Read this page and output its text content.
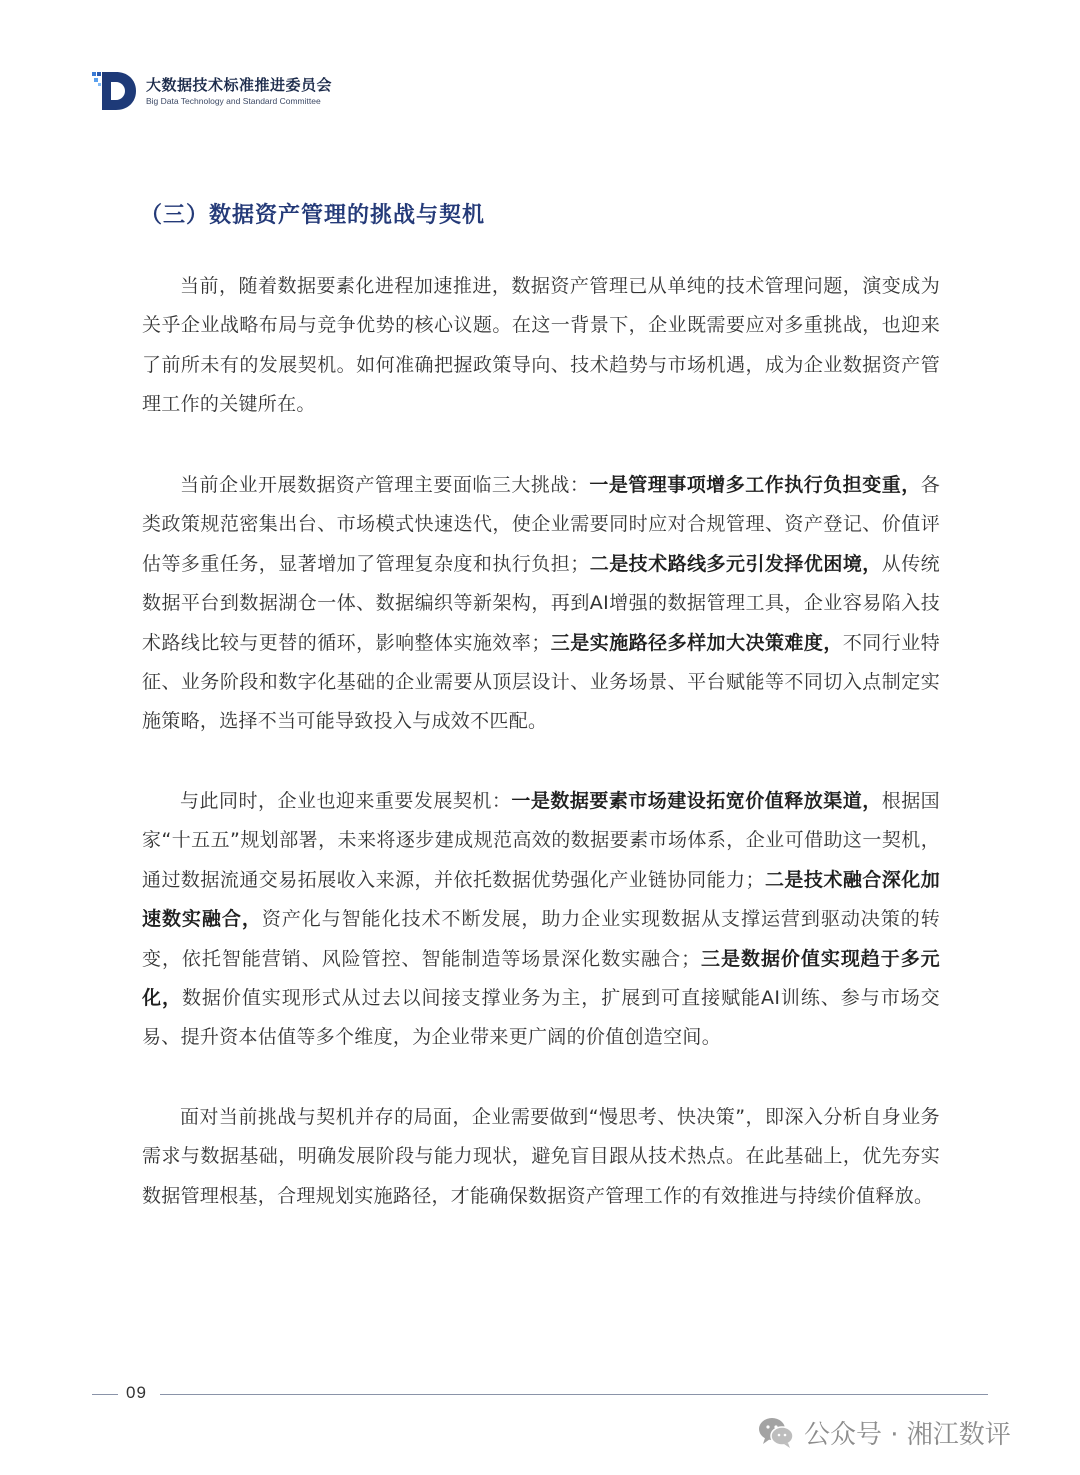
大数据技术标准推进委员会
Big Data Technology and Standard Committee
（三）数据资产管理的挑战与契机
当前，随着数据要素化进程加速推进，数据资产管理已从单纯的技术管理问题，演变成为关乎企业战略布局与竞争优势的核心议题。在这一背景下，企业既需要应对多重挑战，也迎来了前所未有的发展契机。如何准确把握政策导向、技术趋势与市场机遇，成为企业数据资产管理工作的关键所在。
当前企业开展数据资产管理主要面临三大挑战：一是管理事项增多工作执行负担变重，各类政策规范密集出台、市场模式快速迭代，使企业需要同时应对合规管理、资产登记、价值评估等多重任务，显著增加了管理复杂度和执行负担；二是技术路线多元引发择优困境，从传统数据平台到数据湖仓一体、数据编织等新架构，再到AI增强的数据管理工具，企业容易陷入技术路线比较与更替的循环，影响整体实施效率；三是实施路径多样加大决策难度，不同行业特征、业务阶段和数字化基础的企业需要从顶层设计、业务场景、平台赋能等不同切入点制定实施策略，选择不当可能导致投入与成效不匹配。
与此同时，企业也迎来重要发展契机：一是数据要素市场建设拓宽价值释放渠道，根据国家“十五五”规划部署，未来将逐步建成规范高效的数据要素市场体系，企业可借助这一契机，通过数据流通交易拓展收入来源，并依托数据优势强化产业链协同能力；二是技术融合深化加速数实融合，资产化与智能化技术不断发展，助力企业实现数据从支撑运营到驱动决策的转变，依托智能营销、风险管控、智能制造等场景深化数实融合；三是数据价值实现趋于多元化，数据价值实现形式从过去以间接支撑业务为主，扩展到可直接赋能AI训练、参与市场交易、提升资本估值等多个维度，为企业带来更广阔的价值创造空间。
面对当前挑战与契机并存的局面，企业需要做到“慢思考、快决策”，即深入分析自身业务需求与数据基础，明确发展阶段与能力现状，避免盲目跟从技术热点。在此基础上，优先夯实数据管理根基，合理规划实施路径，才能确保数据资产管理工作的有效推进与持续价值释放。
09
公众号 · 湘江数评
